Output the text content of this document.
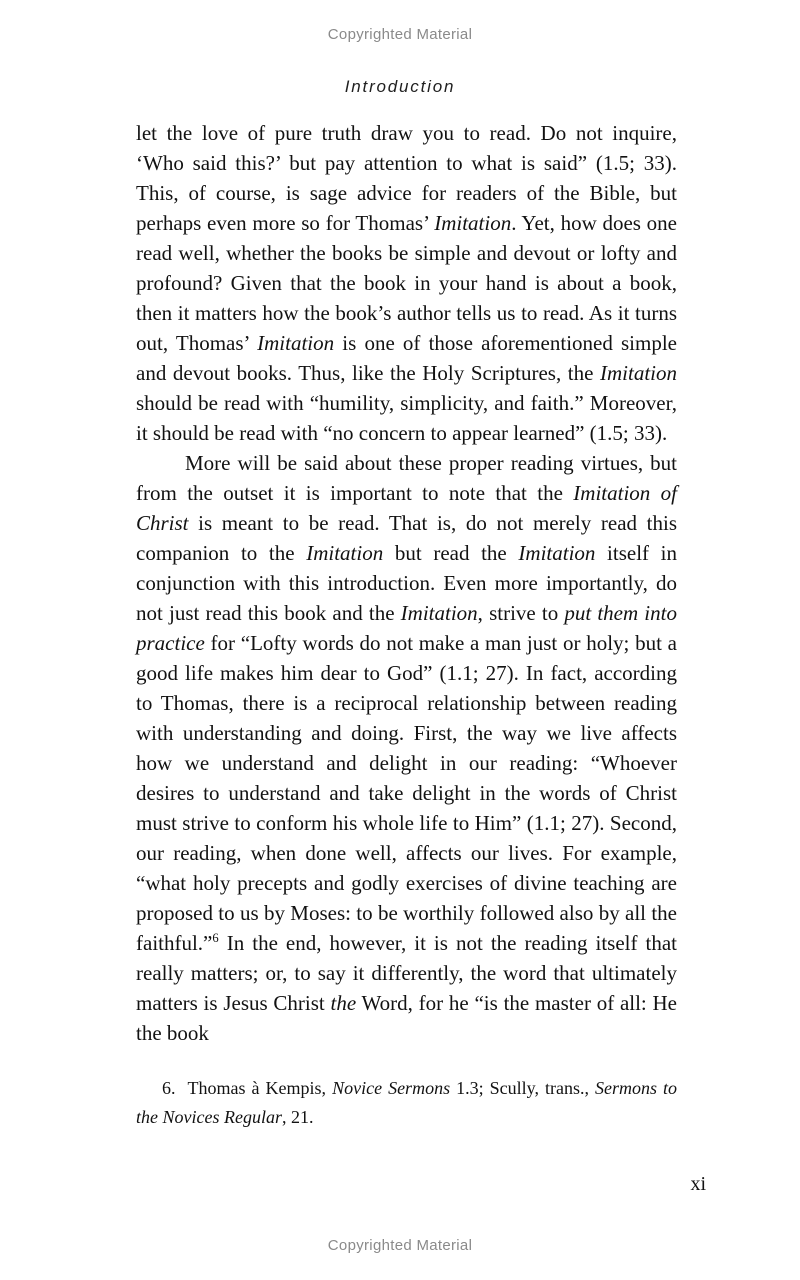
Copyrighted Material
Introduction

let the love of pure truth draw you to read. Do not inquire, ‘Who said this?’ but pay attention to what is said” (1.5; 33). This, of course, is sage advice for readers of the Bible, but perhaps even more so for Thomas’ Imitation. Yet, how does one read well, whether the books be simple and devout or lofty and profound? Given that the book in your hand is about a book, then it matters how the book’s author tells us to read. As it turns out, Thomas’ Imitation is one of those aforementioned simple and devout books. Thus, like the Holy Scriptures, the Imitation should be read with “humility, simplicity, and faith.” Moreover, it should be read with “no concern to appear learned” (1.5; 33).

More will be said about these proper reading virtues, but from the outset it is important to note that the Imitation of Christ is meant to be read. That is, do not merely read this companion to the Imitation but read the Imitation itself in conjunction with this introduction. Even more importantly, do not just read this book and the Imitation, strive to put them into practice for “Lofty words do not make a man just or holy; but a good life makes him dear to God” (1.1; 27). In fact, according to Thomas, there is a reciprocal relationship between reading with understanding and doing. First, the way we live affects how we understand and delight in our reading: “Whoever desires to understand and take delight in the words of Christ must strive to conform his whole life to Him” (1.1; 27). Second, our reading, when done well, affects our lives. For example, “what holy precepts and godly exercises of divine teaching are proposed to us by Moses: to be worthily followed also by all the faithful.”$^6$ In the end, however, it is not the reading itself that really matters; or, to say it differently, the word that ultimately matters is Jesus Christ the Word, for he “is the master of all: He the book

6.  Thomas à Kempis, Novice Sermons 1.3; Scully, trans., Sermons to the Novices Regular, 21.
xi
Copyrighted Material
